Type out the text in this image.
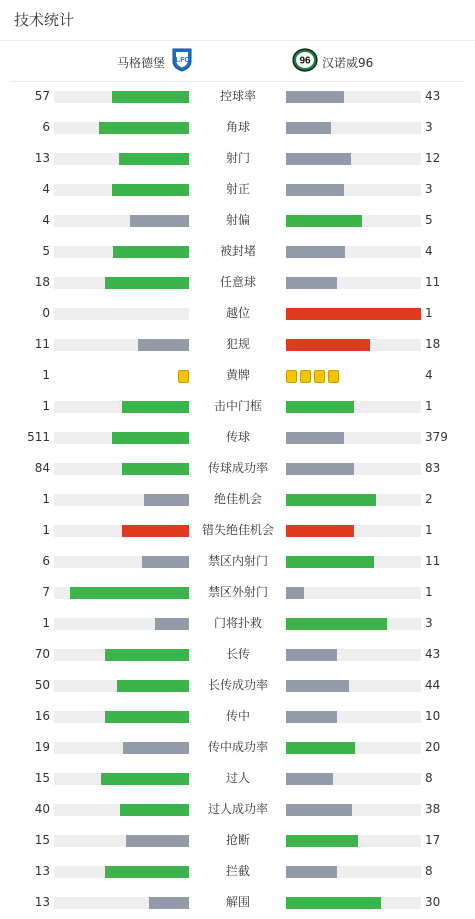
技术统计
马格德堡 1.FC	96 汉诺威96
57	控球率	43
6	角球	3
13	射门	12
4	射正	3
4	射偏	5
5	被封堵	4
18	任意球	11
0	越位	1
11	犯规	18
1	黄牌	4
1	击中门框	1
511	传球	379
84	传球成功率	83
1	绝佳机会	2
1	错失绝佳机会	1
6	禁区内射门	11
7	禁区外射门	1
1	门将扑救	3
70	长传	43
50	长传成功率	44
16	传中	10
19	传中成功率	20
15	过人	8
40	过人成功率	38
15	抢断	17
13	拦截	8
13	解围	30
